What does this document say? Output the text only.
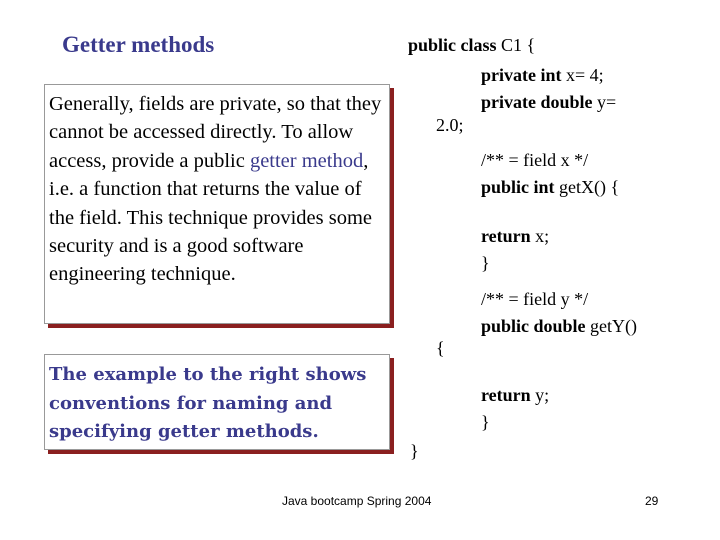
Getter methods
Generally, fields are private, so that they cannot be accessed directly. To allow access, provide a public getter method, i.e. a function that returns the value of the field. This technique provides some security and is a good software engineering technique.
The example to the right shows conventions for naming and specifying getter methods.
public class C1 {
private int x= 4;
private double y=
2.0;
/** = field x */
public int getX() {
return x;
}
/** = field y */
public double getY()
{
return y;
}
}
Java bootcamp Spring 2004	29
